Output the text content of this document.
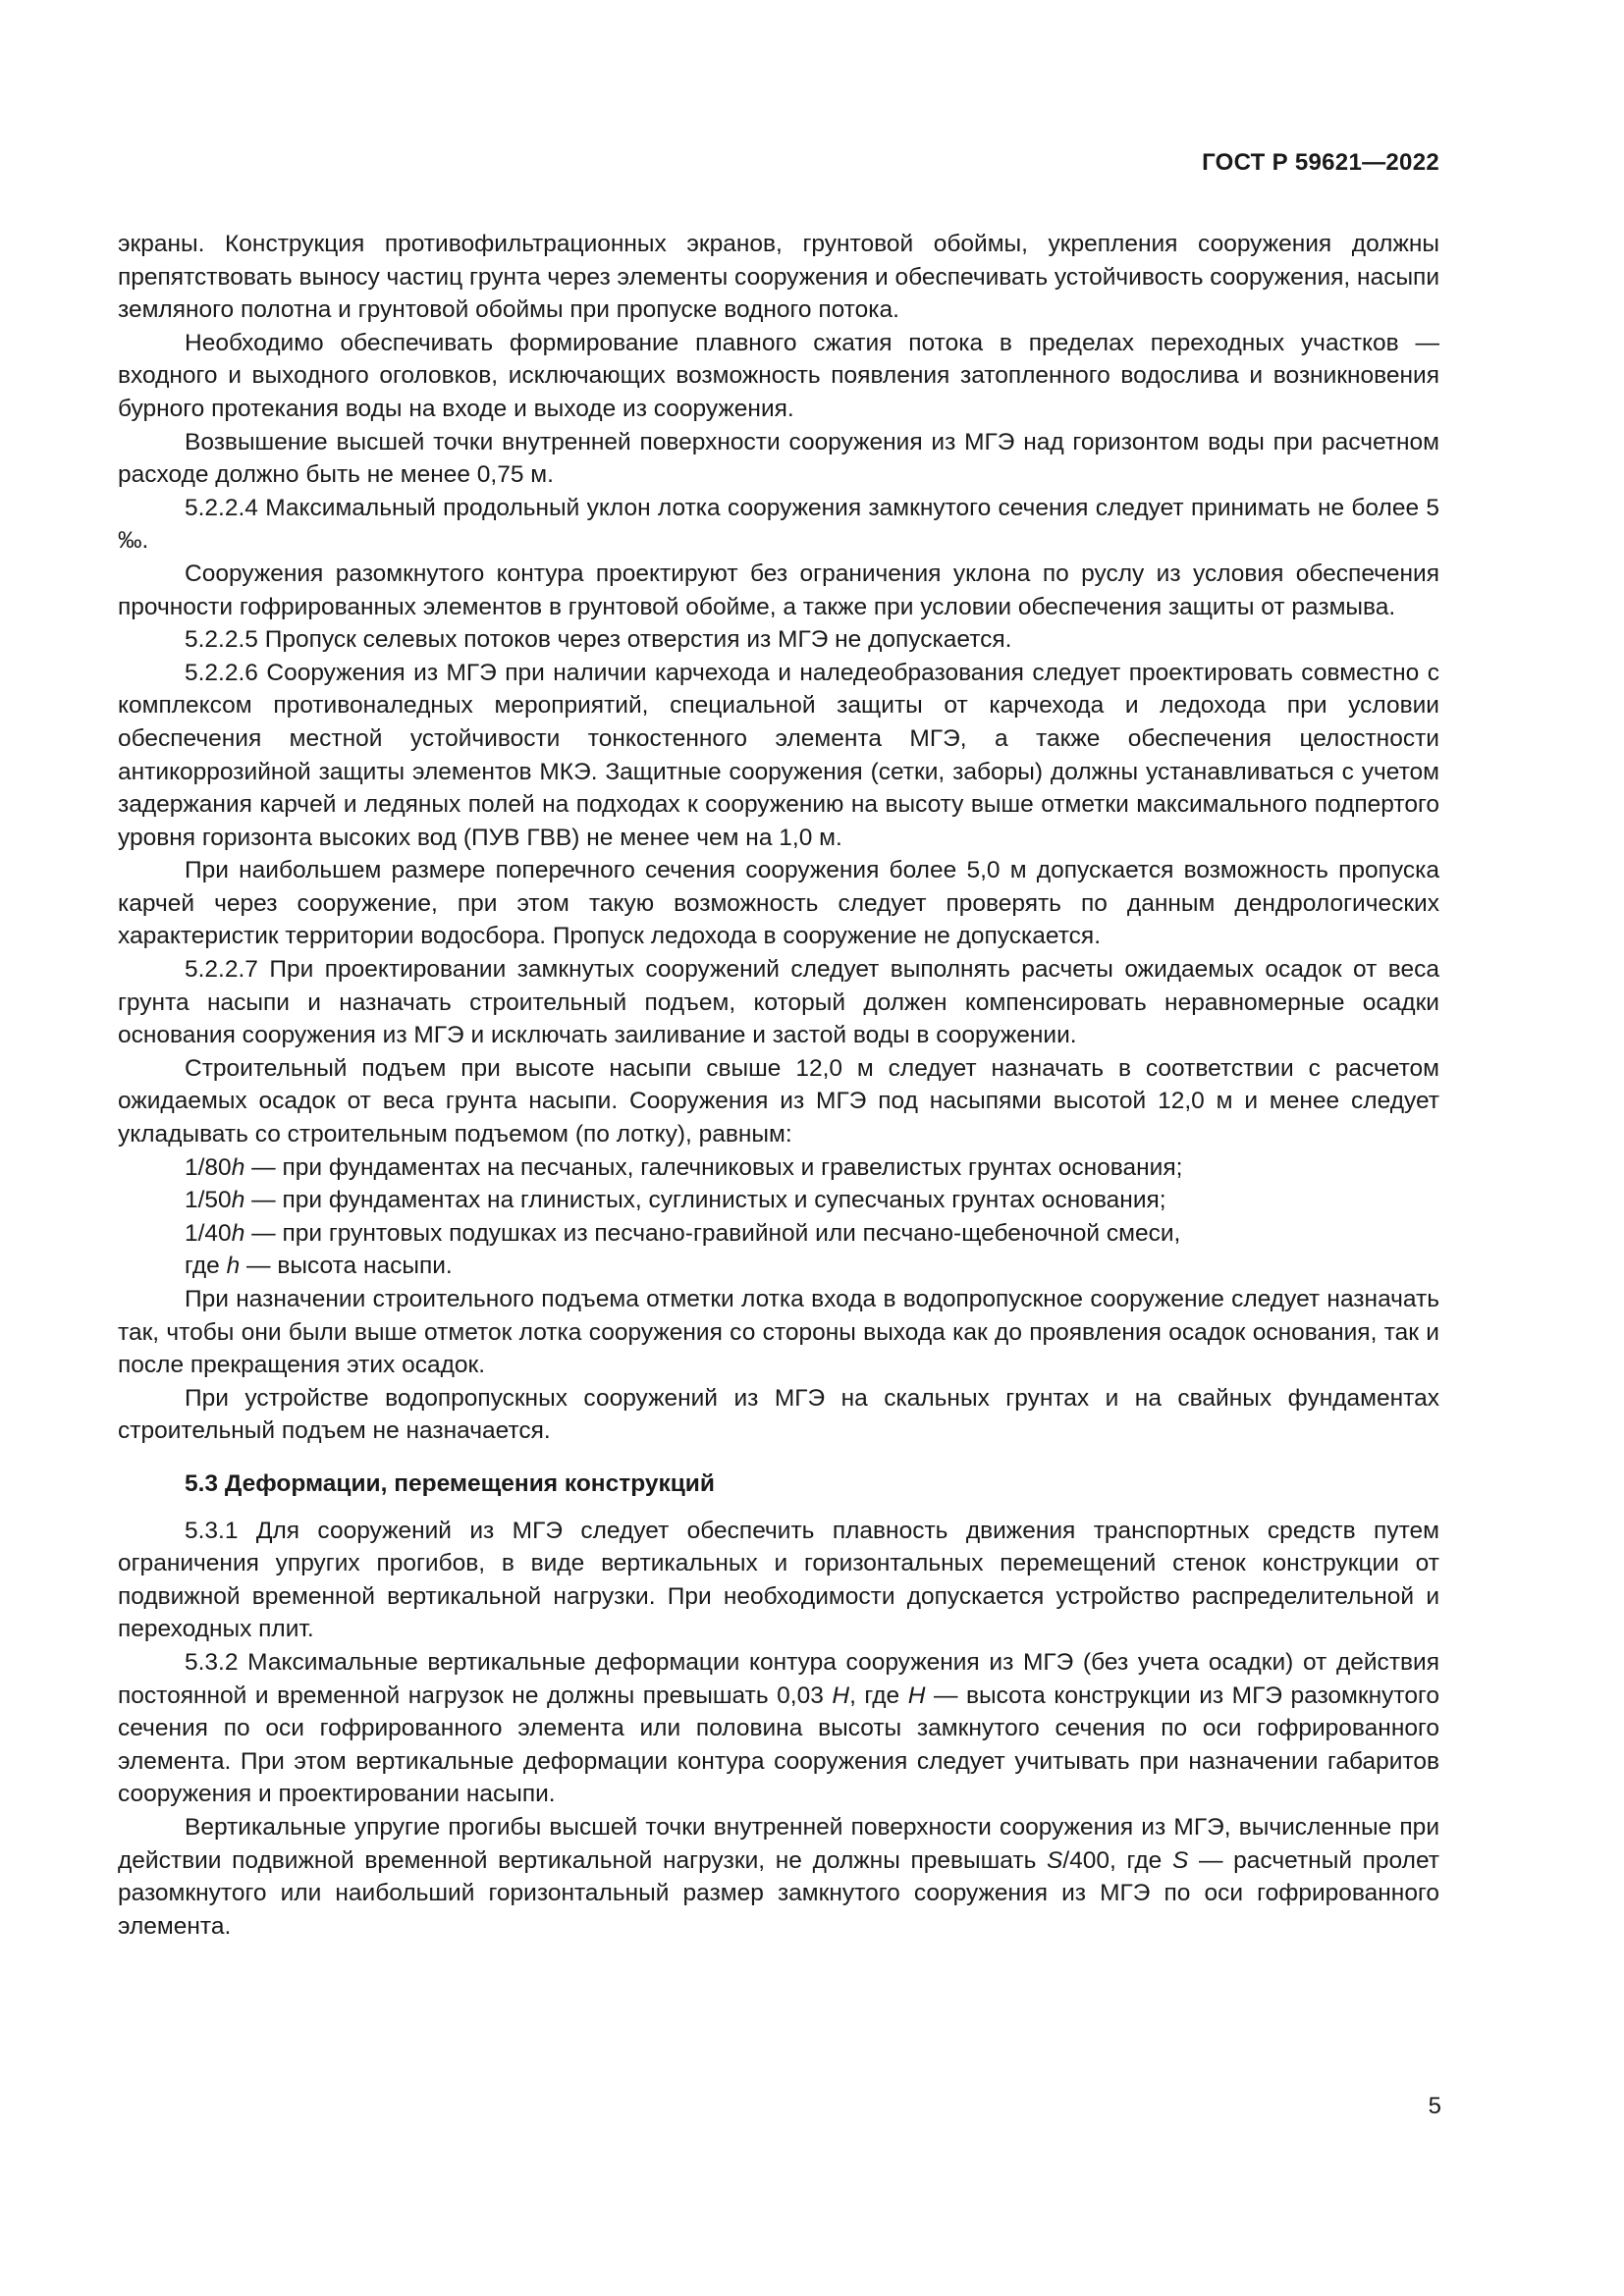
ГОСТ Р 59621—2022

экраны. Конструкция противофильтрационных экранов, грунтовой обоймы, укрепления сооружения должны препятствовать выносу частиц грунта через элементы сооружения и обеспечивать устойчивость сооружения, насыпи земляного полотна и грунтовой обоймы при пропуске водного потока.

Необходимо обеспечивать формирование плавного сжатия потока в пределах переходных участков — входного и выходного оголовков, исключающих возможность появления затопленного водослива и возникновения бурного протекания воды на входе и выходе из сооружения.

Возвышение высшей точки внутренней поверхности сооружения из МГЭ над горизонтом воды при расчетном расходе должно быть не менее 0,75 м.

5.2.2.4 Максимальный продольный уклон лотка сооружения замкнутого сечения следует принимать не более 5 ‰.

Сооружения разомкнутого контура проектируют без ограничения уклона по руслу из условия обеспечения прочности гофрированных элементов в грунтовой обойме, а также при условии обеспечения защиты от размыва.

5.2.2.5 Пропуск селевых потоков через отверстия из МГЭ не допускается.

5.2.2.6 Сооружения из МГЭ при наличии карчехода и наледеобразования следует проектировать совместно с комплексом противоналедных мероприятий, специальной защиты от карчехода и ледохода при условии обеспечения местной устойчивости тонкостенного элемента МГЭ, а также обеспечения целостности антикоррозийной защиты элементов МКЭ. Защитные сооружения (сетки, заборы) должны устанавливаться с учетом задержания карчей и ледяных полей на подходах к сооружению на высоту выше отметки максимального подпертого уровня горизонта высоких вод (ПУВ ГВВ) не менее чем на 1,0 м.

При наибольшем размере поперечного сечения сооружения более 5,0 м допускается возможность пропуска карчей через сооружение, при этом такую возможность следует проверять по данным дендрологических характеристик территории водосбора. Пропуск ледохода в сооружение не допускается.

5.2.2.7 При проектировании замкнутых сооружений следует выполнять расчеты ожидаемых осадок от веса грунта насыпи и назначать строительный подъем, который должен компенсировать неравномерные осадки основания сооружения из МГЭ и исключать заиливание и застой воды в сооружении.

Строительный подъем при высоте насыпи свыше 12,0 м следует назначать в соответствии с расчетом ожидаемых осадок от веса грунта насыпи. Сооружения из МГЭ под насыпями высотой 12,0 м и менее следует укладывать со строительным подъемом (по лотку), равным:

1/80h — при фундаментах на песчаных, галечниковых и гравелистых грунтах основания;

1/50h — при фундаментах на глинистых, суглинистых и супесчаных грунтах основания;

1/40h — при грунтовых подушках из песчано-гравийной или песчано-щебеночной смеси,

где h — высота насыпи.

При назначении строительного подъема отметки лотка входа в водопропускное сооружение следует назначать так, чтобы они были выше отметок лотка сооружения со стороны выхода как до проявления осадок основания, так и после прекращения этих осадок.

При устройстве водопропускных сооружений из МГЭ на скальных грунтах и на свайных фундаментах строительный подъем не назначается.

5.3 Деформации, перемещения конструкций

5.3.1 Для сооружений из МГЭ следует обеспечить плавность движения транспортных средств путем ограничения упругих прогибов, в виде вертикальных и горизонтальных перемещений стенок конструкции от подвижной временной вертикальной нагрузки. При необходимости допускается устройство распределительной и переходных плит.

5.3.2 Максимальные вертикальные деформации контура сооружения из МГЭ (без учета осадки) от действия постоянной и временной нагрузок не должны превышать 0,03 H, где H — высота конструкции из МГЭ разомкнутого сечения по оси гофрированного элемента или половина высоты замкнутого сечения по оси гофрированного элемента. При этом вертикальные деформации контура сооружения следует учитывать при назначении габаритов сооружения и проектировании насыпи.

Вертикальные упругие прогибы высшей точки внутренней поверхности сооружения из МГЭ, вычисленные при действии подвижной временной вертикальной нагрузки, не должны превышать S/400, где S — расчетный пролет разомкнутого или наибольший горизонтальный размер замкнутого сооружения из МГЭ по оси гофрированного элемента.

5
